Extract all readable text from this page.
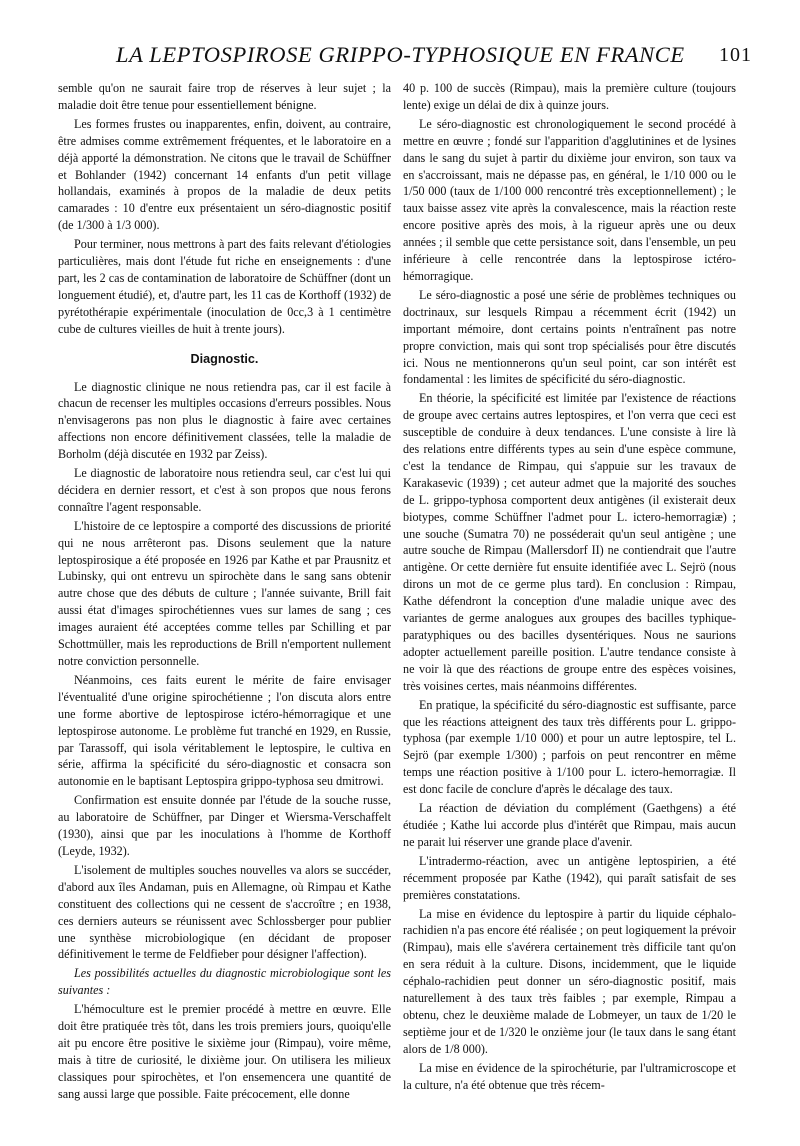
LA LEPTOSPIROSE GRIPPO-TYPHOSIQUE EN FRANCE 101

semble qu'on ne saurait faire trop de réserves à leur sujet ; la maladie doit être tenue pour essentiellement bénigne.

Les formes frustes ou inapparentes, enfin, doivent, au contraire, être admises comme extrêmement fréquentes, et le laboratoire en a déjà apporté la démonstration. Ne citons que le travail de Schüffner et Bohlander (1942) concernant 14 enfants d'un petit village hollandais, examinés à propos de la maladie de deux petits camarades : 10 d'entre eux présentaient un séro-diagnostic positif (de 1/300 à 1/3 000).

Pour terminer, nous mettrons à part des faits relevant d'étiologies particulières, mais dont l'étude fut riche en enseignements : d'une part, les 2 cas de contamination de laboratoire de Schüffner (dont un longuement étudié), et, d'autre part, les 11 cas de Korthoff (1932) de pyrétothérapie expérimentale (inoculation de 0cc,3 à 1 centimètre cube de cultures vieilles de huit à trente jours).

Diagnostic.

Le diagnostic clinique ne nous retiendra pas, car il est facile à chacun de recenser les multiples occasions d'erreurs possibles. Nous n'envisagerons pas non plus le diagnostic à faire avec certaines affections non encore définitivement classées, telle la maladie de Borholm (déjà discutée en 1932 par Zeiss).

Le diagnostic de laboratoire nous retiendra seul, car c'est lui qui décidera en dernier ressort, et c'est à son propos que nous ferons connaître l'agent responsable.

L'histoire de ce leptospire a comporté des discussions de priorité qui ne nous arrêteront pas. Disons seulement que la nature leptospirosique a été proposée en 1926 par Kathe et par Prausnitz et Lubinsky, qui ont entrevu un spirochète dans le sang sans obtenir autre chose que des débuts de culture ; l'année suivante, Brill fait aussi état d'images spirochétiennes vues sur lames de sang ; ces images auraient été acceptées comme telles par Schilling et par Schottmüller, mais les reproductions de Brill n'emportent nullement notre conviction personnelle.

Néanmoins, ces faits eurent le mérite de faire envisager l'éventualité d'une origine spirochétienne ; l'on discuta alors entre une forme abortive de leptospirose ictéro-hémorragique et une leptospirose autonome. Le problème fut tranché en 1929, en Russie, par Tarassoff, qui isola véritablement le leptospire, le cultiva en série, affirma la spécificité du séro-diagnostic et consacra son autonomie en le baptisant Leptospira grippo-typhosa seu dmitrowi.

Confirmation est ensuite donnée par l'étude de la souche russe, au laboratoire de Schüffner, par Dinger et Wiersma-Verschaffelt (1930), ainsi que par les inoculations à l'homme de Korthoff (Leyde, 1932).

L'isolement de multiples souches nouvelles va alors se succéder, d'abord aux îles Andaman, puis en Allemagne, où Rimpau et Kathe constituent des collections qui ne cessent de s'accroître ; en 1938, ces derniers auteurs se réunissent avec Schlossberger pour publier une synthèse microbiologique (en décidant de proposer définitivement le terme de Feldfieber pour désigner l'affection).

Les possibilités actuelles du diagnostic microbiologique sont les suivantes :

L'hémoculture est le premier procédé à mettre en œuvre. Elle doit être pratiquée très tôt, dans les trois premiers jours, quoiqu'elle ait pu encore être positive le sixième jour (Rimpau), voire même, mais à titre de curiosité, le dixième jour. On utilisera les milieux classiques pour spirochètes, et l'on ensemencera une quantité de sang aussi large que possible. Faite précocement, elle donne

40 p. 100 de succès (Rimpau), mais la première culture (toujours lente) exige un délai de dix à quinze jours.

Le séro-diagnostic est chronologiquement le second procédé à mettre en œuvre ; fondé sur l'apparition d'agglutinines et de lysines dans le sang du sujet à partir du dixième jour environ, son taux va en s'accroissant, mais ne dépasse pas, en général, le 1/10 000 ou le 1/50 000 (taux de 1/100 000 rencontré très exceptionnellement) ; le taux baisse assez vite après la convalescence, mais la réaction reste encore positive après des mois, à la rigueur après une ou deux années ; il semble que cette persistance soit, dans l'ensemble, un peu inférieure à celle rencontrée dans la leptospirose ictéro-hémorragique.

Le séro-diagnostic a posé une série de problèmes techniques ou doctrinaux, sur lesquels Rimpau a récemment écrit (1942) un important mémoire, dont certains points n'entraînent pas notre propre conviction, mais qui sont trop spécialisés pour être discutés ici. Nous ne mentionnerons qu'un seul point, car son intérêt est fondamental : les limites de spécificité du séro-diagnostic.

En théorie, la spécificité est limitée par l'existence de réactions de groupe avec certains autres leptospires, et l'on verra que ceci est susceptible de conduire à deux tendances. L'une consiste à lire là des relations entre différents types au sein d'une espèce commune, c'est la tendance de Rimpau, qui s'appuie sur les travaux de Karakasevic (1939) ; cet auteur admet que la majorité des souches de L. grippo-typhosa comportent deux antigènes (il existerait deux biotypes, comme Schüffner l'admet pour L. ictero-hemorragiæ) ; une souche (Sumatra 70) ne posséderait qu'un seul antigène ; une autre souche de Rimpau (Mallersdorf II) ne contiendrait que l'autre antigène. Or cette dernière fut ensuite identifiée avec L. Sejrö (nous dirons un mot de ce germe plus tard). En conclusion : Rimpau, Kathe défendront la conception d'une maladie unique avec des variantes de germe analogues aux groupes des bacilles typhique-paratyphiques ou des bacilles dysentériques. Nous ne saurions adopter actuellement pareille position. L'autre tendance consiste à ne voir là que des réactions de groupe entre des espèces voisines, très voisines certes, mais néanmoins différentes.

En pratique, la spécificité du séro-diagnostic est suffisante, parce que les réactions atteignent des taux très différents pour L. grippo-typhosa (par exemple 1/10 000) et pour un autre leptospire, tel L. Sejrö (par exemple 1/300) ; parfois on peut rencontrer en même temps une réaction positive à 1/100 pour L. ictero-hemorragiæ. Il est donc facile de conclure d'après le décalage des taux.

La réaction de déviation du complément (Gaethgens) a été étudiée ; Kathe lui accorde plus d'intérêt que Rimpau, mais aucun ne parait lui réserver une grande place d'avenir.

L'intradermo-réaction, avec un antigène leptospirien, a été récemment proposée par Kathe (1942), qui paraît satisfait de ses premières constatations.

La mise en évidence du leptospire à partir du liquide céphalo-rachidien n'a pas encore été réalisée ; on peut logiquement la prévoir (Rimpau), mais elle s'avérera certainement très difficile tant qu'on en sera réduit à la culture. Disons, incidemment, que le liquide céphalo-rachidien peut donner un séro-diagnostic positif, mais naturellement à des taux très faibles ; par exemple, Rimpau a obtenu, chez le deuxième malade de Lobmeyer, un taux de 1/20 le septième jour et de 1/320 le onzième jour (le taux dans le sang étant alors de 1/8 000).

La mise en évidence de la spirochéturie, par l'ultramicroscope et la culture, n'a été obtenue que très récem-
